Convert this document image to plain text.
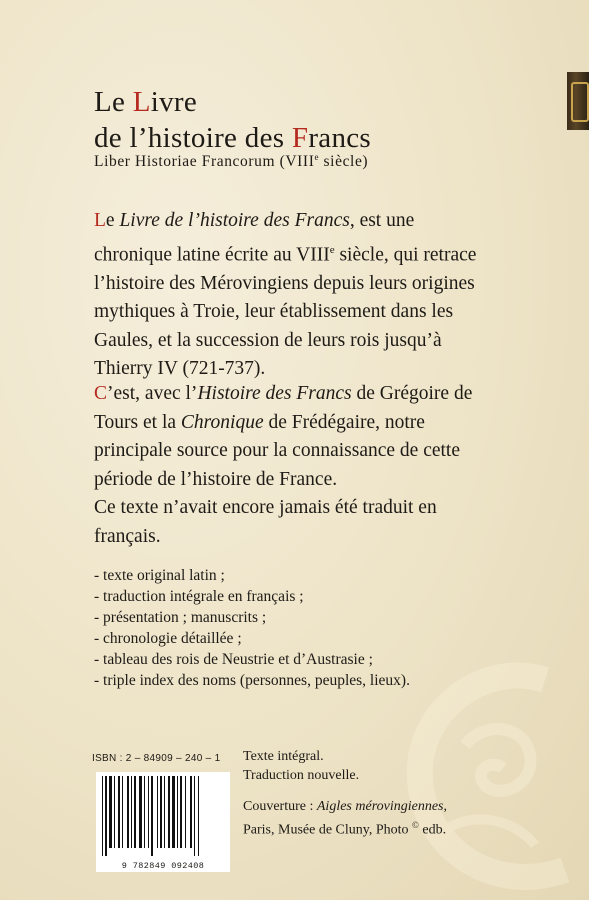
Le Livre
de l’histoire des Francs

Liber Historiae Francorum (VIIIe siècle)

Le Livre de l’histoire des Francs, est une chronique latine écrite au VIIIe siècle, qui retrace l’histoire des Mérovingiens depuis leurs origines mythiques à Troie, leur établissement dans les Gaules, et la succession de leurs rois jusqu’à Thierry IV (721-737).

C’est, avec l’Histoire des Francs de Grégoire de Tours et la Chronique de Frédégaire, notre principale source pour la connaissance de cette période de l’histoire de France.
Ce texte n’avait encore jamais été traduit en français.

- texte original latin ;
- traduction intégrale en français ;
- présentation ; manuscrits ;
- chronologie détaillée ;
- tableau des rois de Neustrie et d’Austrasie ;
- triple index des noms (personnes, peuples, lieux).
ISBN : 2 – 84909 – 240 – 1
9 782849 092408

Texte intégral.
Traduction nouvelle.

Couverture : Aigles mérovingiennes,
Paris, Musée de Cluny, Photo © edb.
